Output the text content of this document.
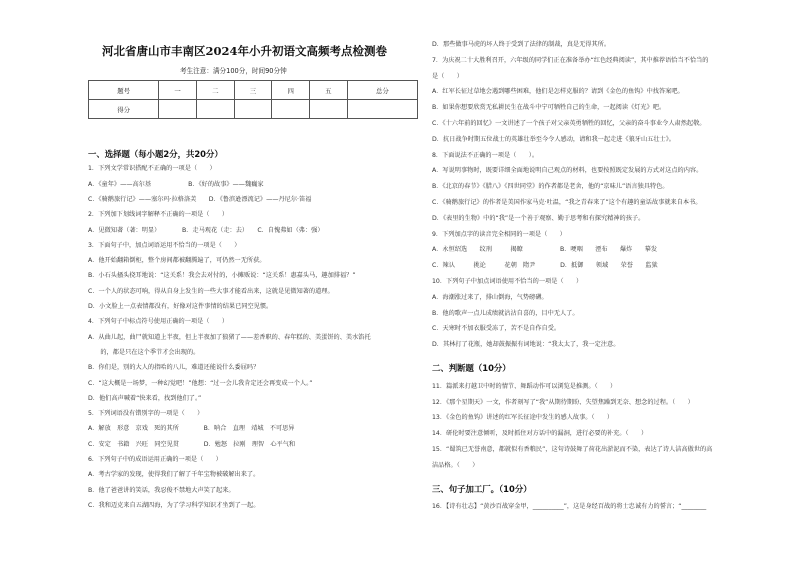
河北省唐山市丰南区2024年小升初语文高频考点检测卷
考生注意：满分100分，时间90分钟
题号	一	二	三	四	五	总分
得分						
一、选择题（每小题2分，共20分）
1．下列文学常识搭配不正确的一项是（　　）
A．《童年》——高尔基　　　　　　B．《好的故事》——魏巍家
C．《骑鹅旅行记》——塞尔玛·拉格洛芙　　D．《鲁滨逊漂流记》——丹尼尔·笛福
2．下列加下划线词字解释不正确的一项是（　　）
A．见微知著（著：明显）　　　　B．走马观花（走：去）　　C．自愧弗如（弗：强）
3．下面句子中，加点词语运用不恰当的一项是（　　）
A．他开始翻箱倒柜，整个房间都被翻腾遍了，可仍然一无所获。
B．小石头搔头挠耳地说：“这关系！我会去对付的，小摊贩说：“这关系！惠嘉头马，趣加排福？”
C．一个人的状态可响，得从自身上发生的一些大事才能看出来，这就是见微知著的道理。
D．小文脸上一点表情都没有，好像对这件事情的结果已同空见惯。
4．下列句子中标点符号使用正确的一项是（　　）
A．从曲儿起，曲尸就知道上半夜，但上半夜加了狼猪了——差香职的、春年糕的、美蛋饼的、美水馅托
　　的，都是只在这个季节才会出现的。
B．你们是，别的大人的指哈的八儿，难道还能说什么委屈吗？
C．“这大概是一场梦，一种幻觉吧！”他想：“过一会儿我肯定还会再变成一个人。”
D．他们高声喊着“快来看，找到他们了。”
5．下列词语没有错别字的一项是（　　）
A．解放　形意　京戏　死的其所　　　　B．呐合　直理　靖城　不可思异
C．安定　书籍　兴旺　同空见贯　　　　D．勉怒　拉刚　理智　心平气和
6．下列句子中的成语运用正确的一项是（　　）
A．考古学家的发现，使得我们了解了千年宝物被破解出来了。
B．他了爸爸讲的笑话，我忍俊不禁地大声笑了起来。
C．我和迈克来自五湖四海，为了学习科学知识才坐到了一起。
D．那些做事马虎的坏人终于受到了法律的制裁，真是无得其所。
7．为庆祝二十大胜利召开，六年级的同学们正在准备举办“红色经典阅读”，其中推荐语恰当不恰当的
是（　　）
A．红军长征过草地会遇到哪些困难，他们是怎样克服的？请到《金色的鱼钩》中找答案吧。
B．如果你想要欣赏无私耕民生在战斗中宁可牺牲自己的生命，一起阅读《灯光》吧。
C．《十六年前的回忆》一文讲述了一个孩子对父亲英勇牺牲的回忆，父亲的奋斗事业令人肃然起敬。
D．抗日战争时期五位战士的英雄壮举至今令人感动，请和我一起走进《狼牙山五壮士》。
8．下面说法不正确的一项是（　　）。
A．写说明事物时，既要详细全面地说明自己观点的材料，也要按照既定发展的方式对这点的内容。
B．《北京的春节》《腊八》《四世同堂》的作者都是老舍，他的“京味儿”语言独具特色。
C．《骑鹅旅行记》的作者是美国作家马克·吐温，“我之青春来了”这个有趣的童话故事就来自本书。
D．《表里的生物》中的“我”是一个善于观察、勤于思考和有探究精神的孩子。
9．下列加点字的读音完全相同的一项是（　　）
A．永恒绍选　　纹刑　　　揭瞭　　　　　　B．哽咽　　湮布　　爆炸　　摹发
C．辣认　　　挑论　　　花朝　隋尹　　　　D．抵御　　领域　　荣誉　　监狱
10．下列句子中加点词语使用不恰当的一项是（　　）
A．海潮涨过来了，排山倒海，气势磅礴。
B．他的歌声一点儿成绩就沾沾自喜的，目中无人了。
C．天寒时不加衣服受冻了，苦不是自作自受。
D．其林打了花瓶，她却鼓振振有词地说：“我太太了，我一定注意。
二、判断题（10分）
11．篇派来打越卫中时的情节、舞蹈动作可以浏览是推测。（　　）
12．《那个星期天》一文，作者刻写了“我”从期待期盼、失望焦躁到无奈、想念的过程。（　　）
13．《金色的鱼钩》讲述的红军长征途中发生的感人故事。（　　）
14．研伦时要注意倾听，及时抓住对方话中的漏洞，进行必要的补充。（　　）
15．“蜀筑已无誉南意，都就似有香粮民”，这句诗鼓舞了荷花出淤泥而不染，表达了诗人洁高傲世的高
洁品格。（　　）
三、句子加工厂。（10分）
16．【诗有壮志】“黄沙百战穿金甲，__________”，这是身经百战的将士忠诚有力的誓言；“________
